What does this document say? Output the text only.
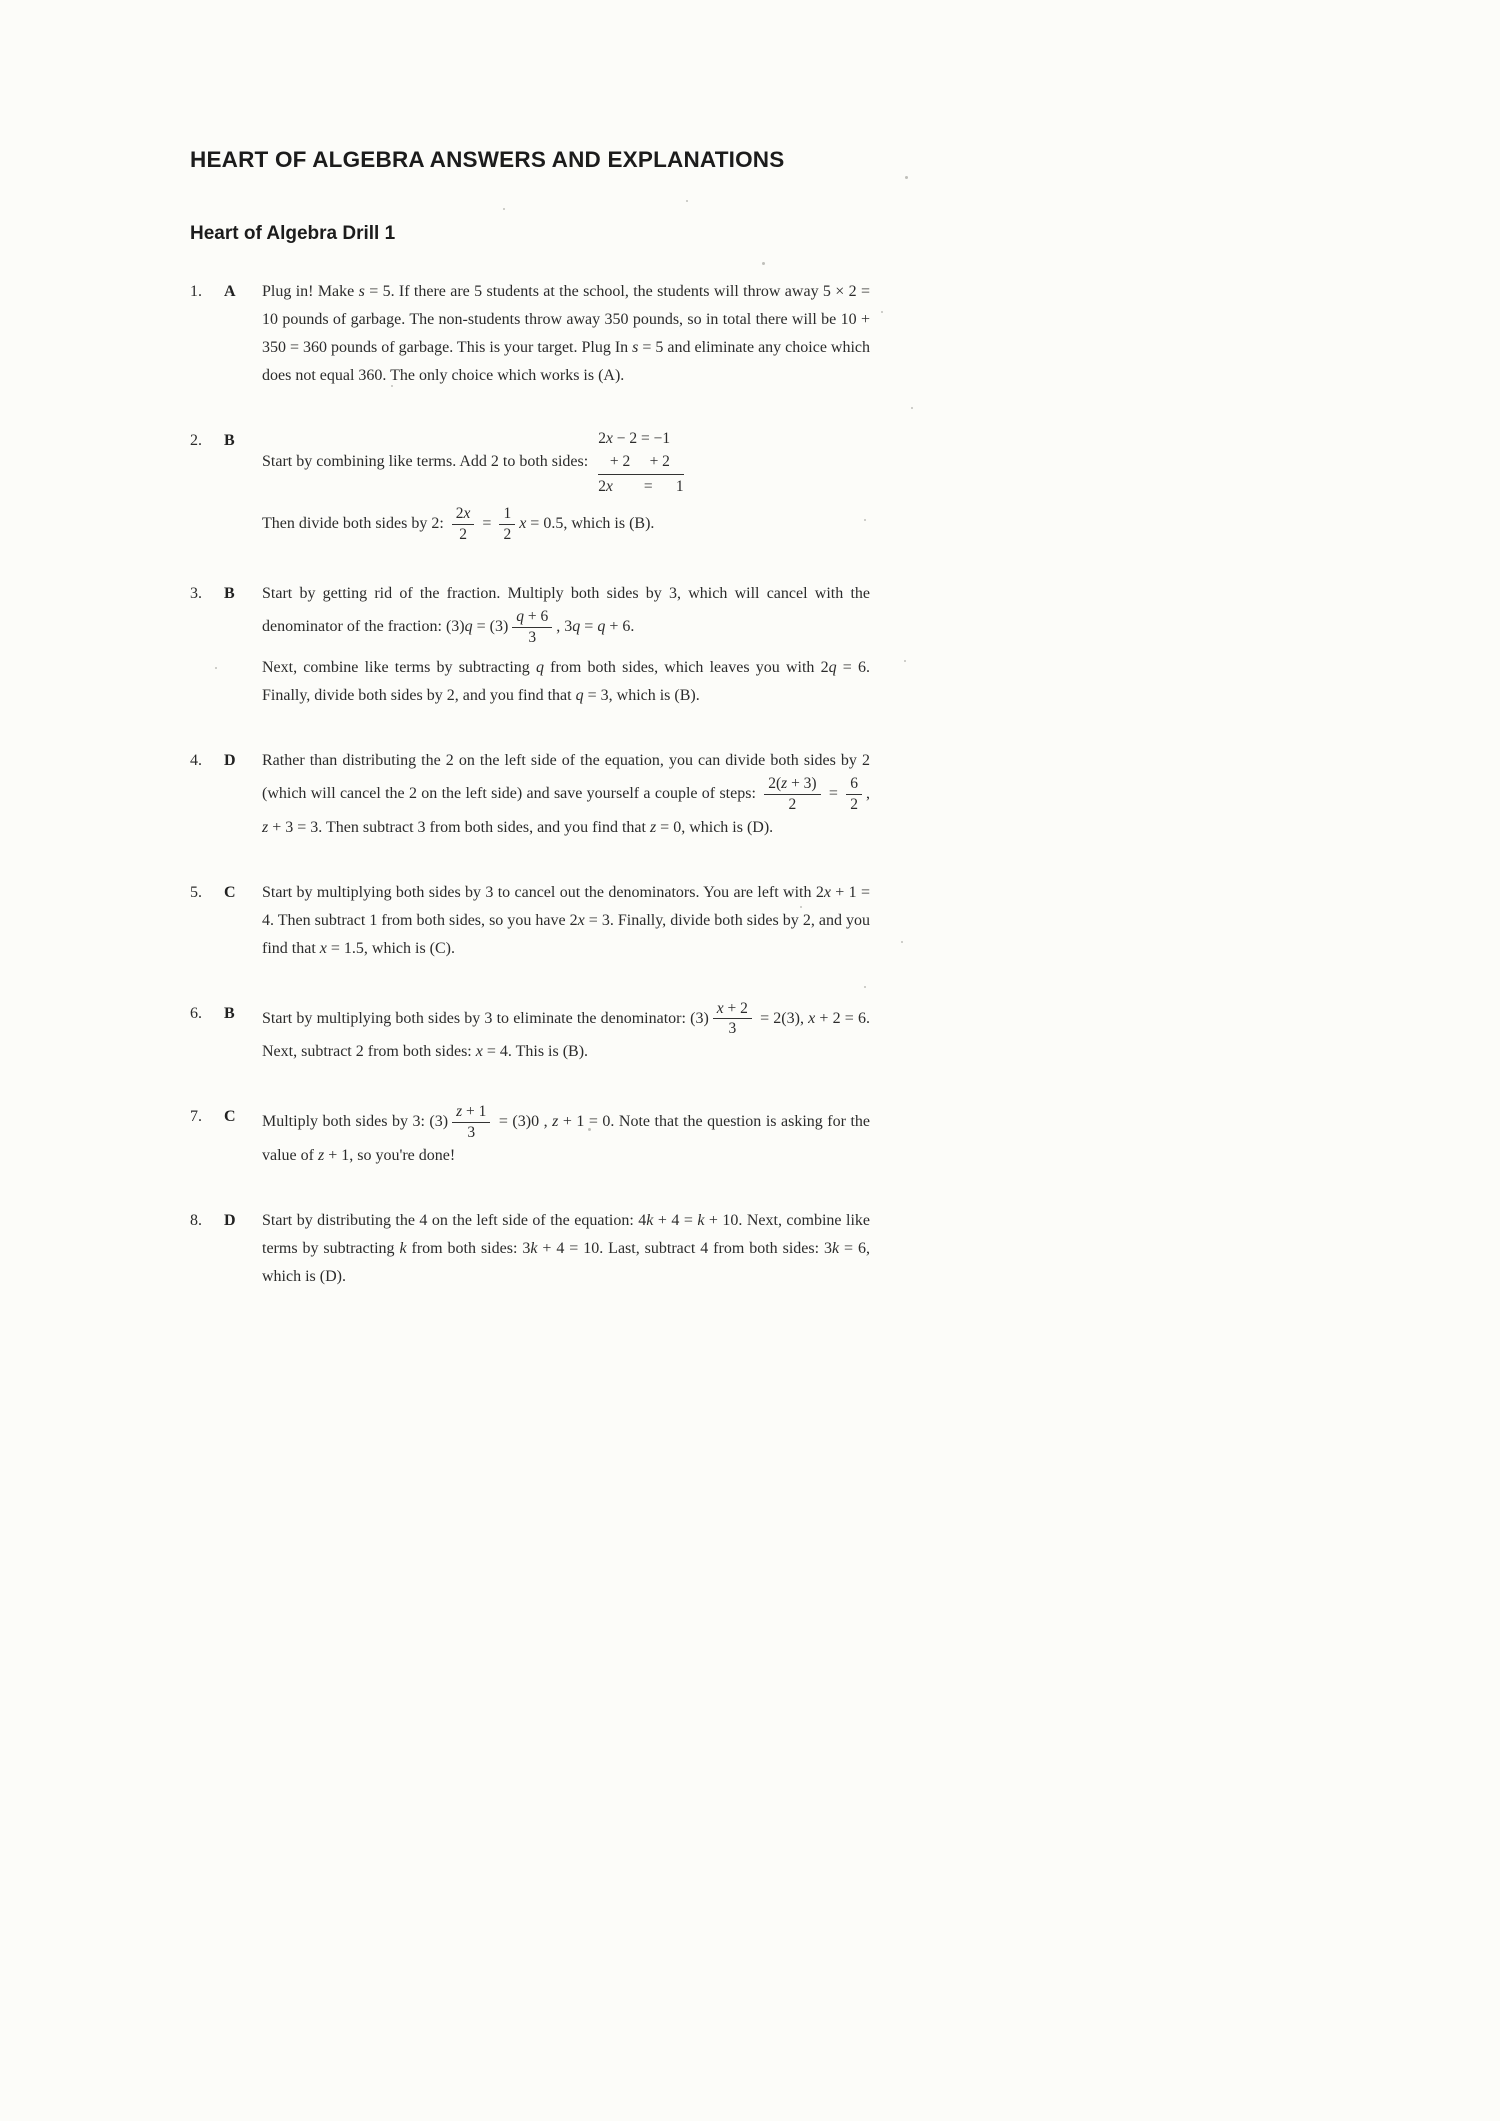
HEART OF ALGEBRA ANSWERS AND EXPLANATIONS
Heart of Algebra Drill 1
1.	A	Plug in! Make s = 5. If there are 5 students at the school, the students will throw away 5 × 2 = 10 pounds of garbage. The non-students throw away 350 pounds, so in total there will be 10 + 350 = 360 pounds of garbage. This is your target. Plug In s = 5 and eliminate any choice which does not equal 360. The only choice which works is (A).
2.	B
Start by combining like terms. Add 2 to both sides:
2x − 2 = −1
+ 2     + 2
2x        =      1
Then divide both sides by 2: $\frac{2x}{2} = \frac{1}{2}$ x = 0.5, which is (B).
3.	B	Start by getting rid of the fraction. Multiply both sides by 3, which will cancel with the denominator of the fraction: $(3)q = (3) \frac{q + 6}{3}$ , 3q = q + 6.
Next, combine like terms by subtracting q from both sides, which leaves you with 2q = 6. Finally, divide both sides by 2, and you find that q = 3, which is (B).
4.	D	Rather than distributing the 2 on the left side of the equation, you can divide both sides by 2 (which will cancel the 2 on the left side) and save yourself a couple of steps: $\frac{2(z + 3)}{2} = \frac{6}{2}$ , z + 3 = 3. Then subtract 3 from both sides, and you find that z = 0, which is (D).
5.	C	Start by multiplying both sides by 3 to cancel out the denominators. You are left with 2x + 1 = 4. Then subtract 1 from both sides, so you have 2x = 3. Finally, divide both sides by 2, and you find that x = 1.5, which is (C).
6.	B	Start by multiplying both sides by 3 to eliminate the denominator: $(3) \frac{x + 2}{3} = 2(3)$, x + 2 = 6. Next, subtract 2 from both sides: x = 4. This is (B).
7.	C	Multiply both sides by 3: $(3) \frac{z + 1}{3} = (3)0$ , z + 1 = 0. Note that the question is asking for the value of z + 1, so you're done!
8.	D	Start by distributing the 4 on the left side of the equation: 4k + 4 = k + 10. Next, combine like terms by subtracting k from both sides: 3k + 4 = 10. Last, subtract 4 from both sides: 3k = 6, which is (D).
